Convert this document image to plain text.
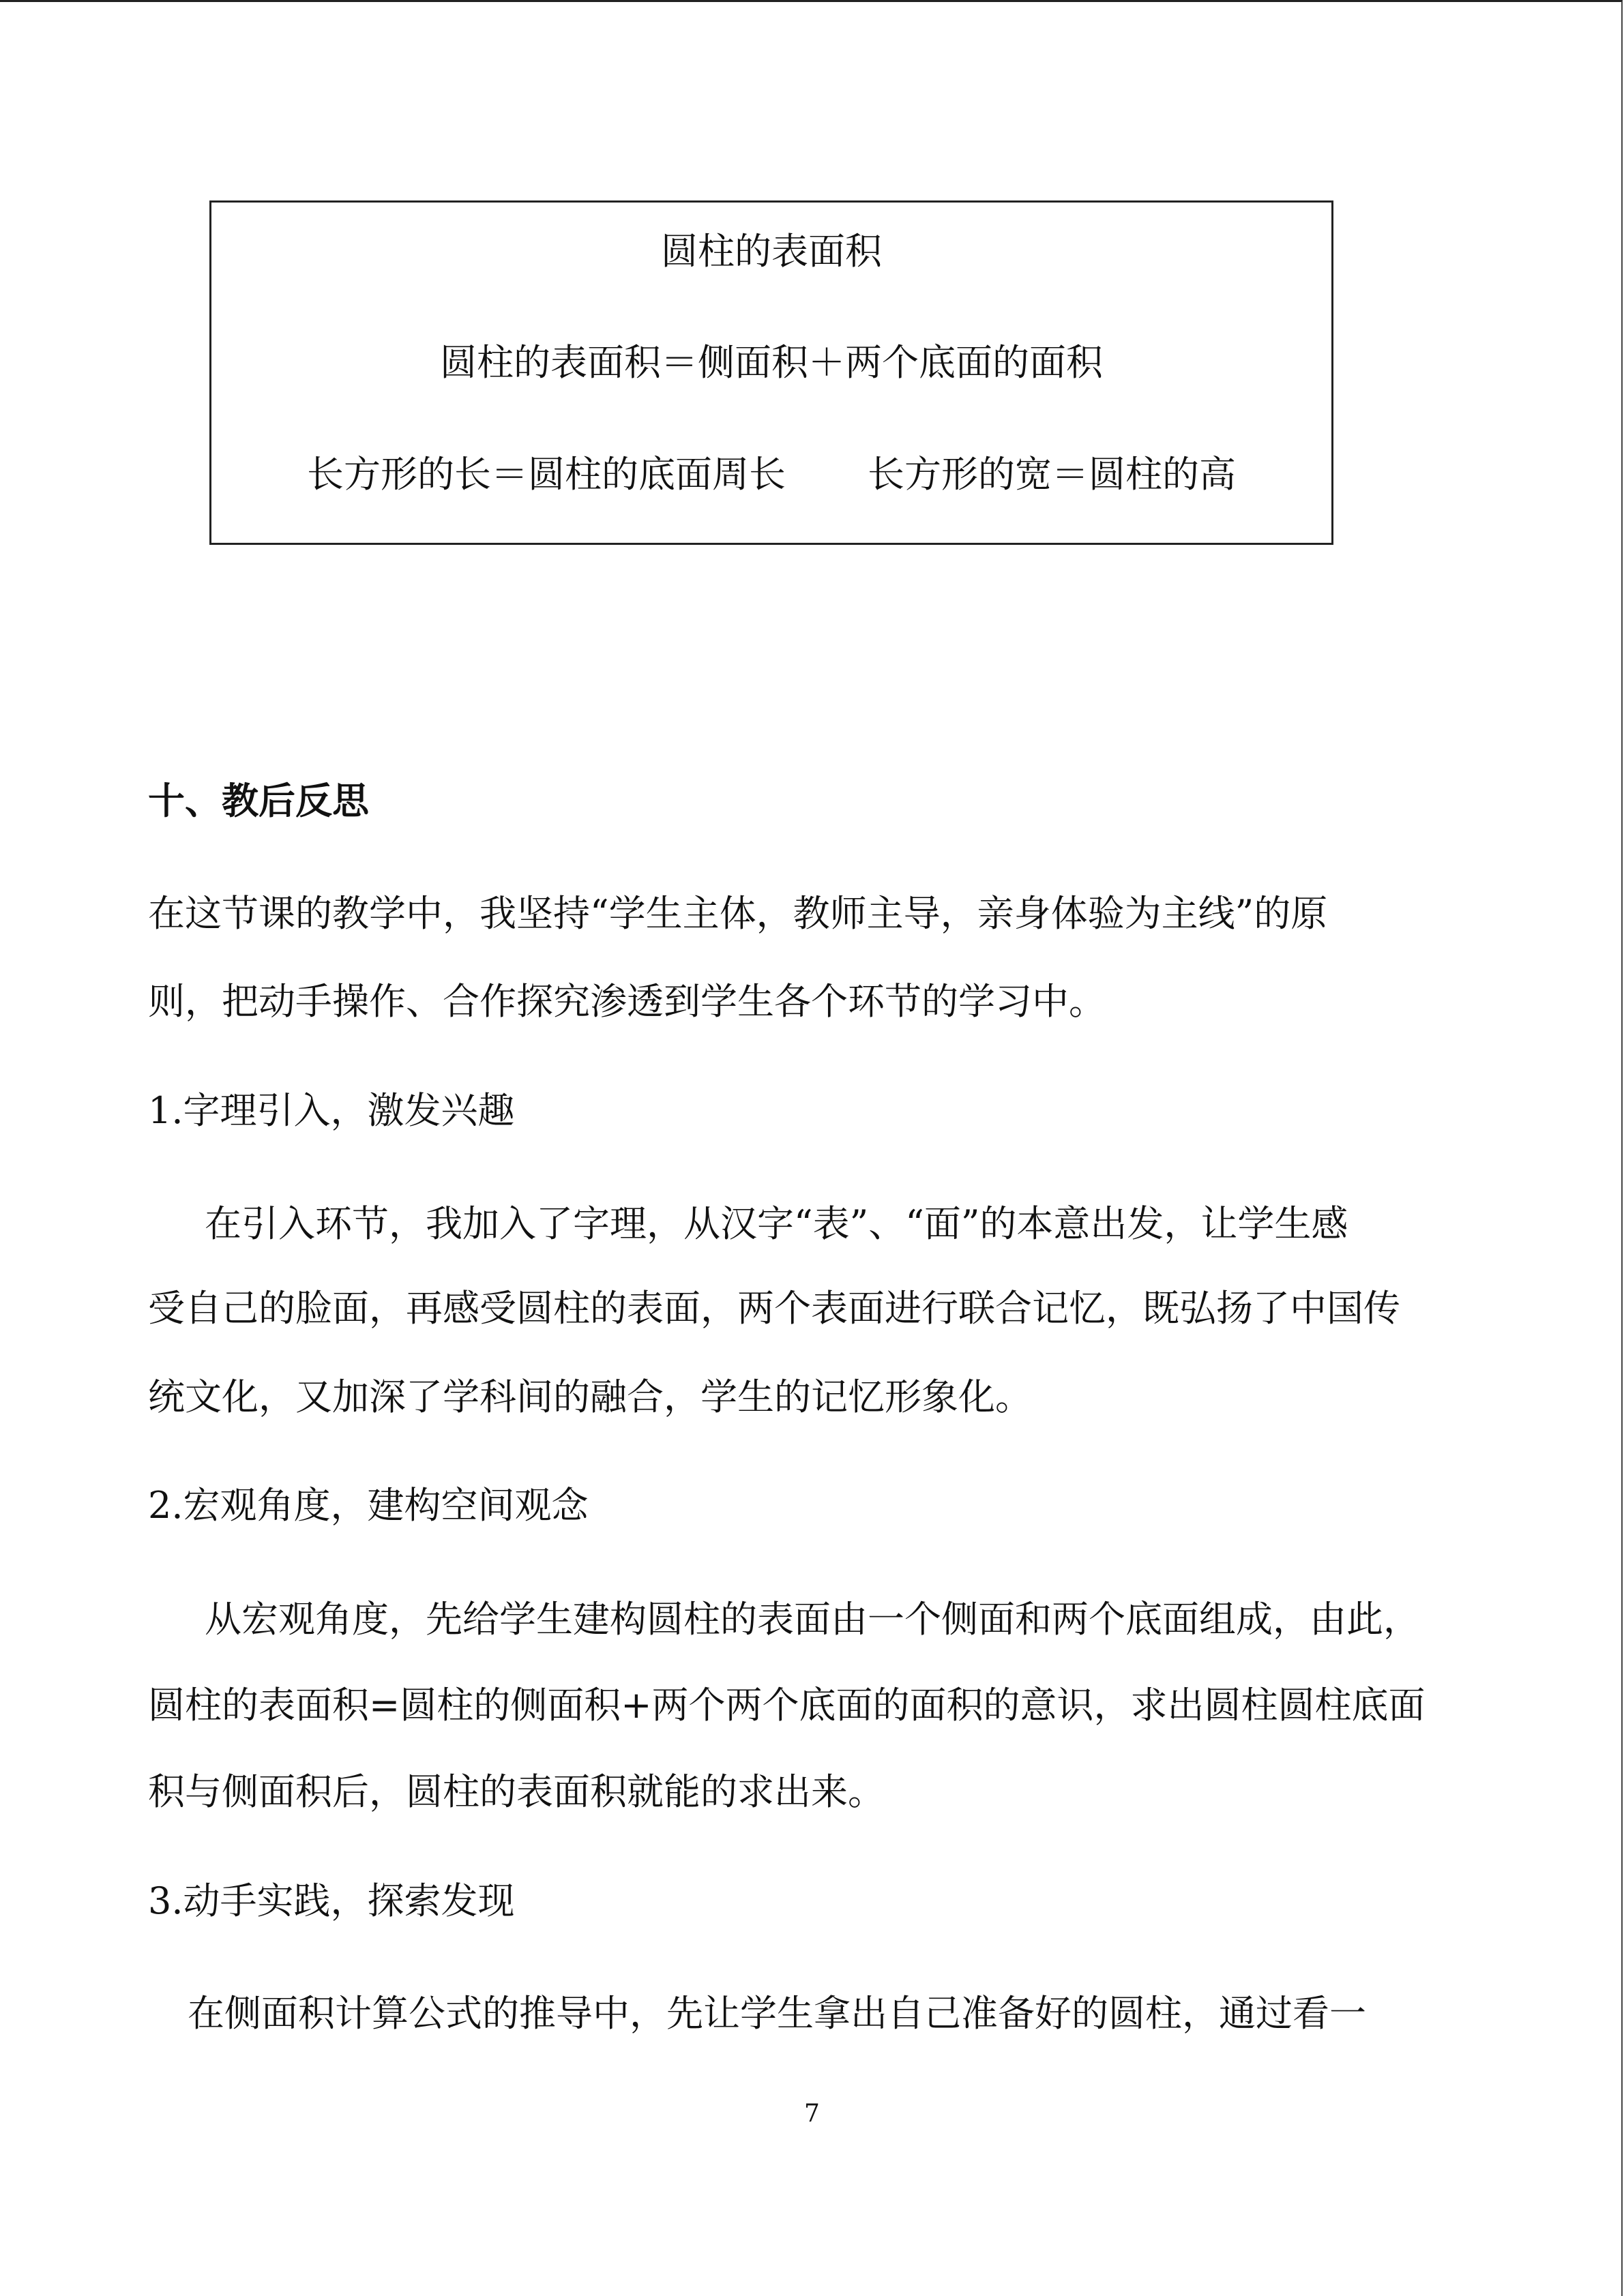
圆柱的表面积
圆柱的表面积＝侧面积＋两个底面的面积
长方形的长＝圆柱的底面周长 长方形的宽＝圆柱的高
十、教后反思
在这节课的教学中，我坚持“学生主体，教师主导，亲身体验为主线”的原
则，把动手操作、合作探究渗透到学生各个环节的学习中。
1.字理引入，激发兴趣
在引入环节，我加入了字理，从汉字“表”、“面”的本意出发，让学生感
受自己的脸面，再感受圆柱的表面，两个表面进行联合记忆，既弘扬了中国传
统文化，又加深了学科间的融合，学生的记忆形象化。
2.宏观角度，建构空间观念
从宏观角度，先给学生建构圆柱的表面由一个侧面和两个底面组成，由此，
圆柱的表面积=圆柱的侧面积+两个两个底面的面积的意识，求出圆柱圆柱底面
积与侧面积后，圆柱的表面积就能的求出来。
3.动手实践，探索发现
在侧面积计算公式的推导中，先让学生拿出自己准备好的圆柱，通过看一
7
